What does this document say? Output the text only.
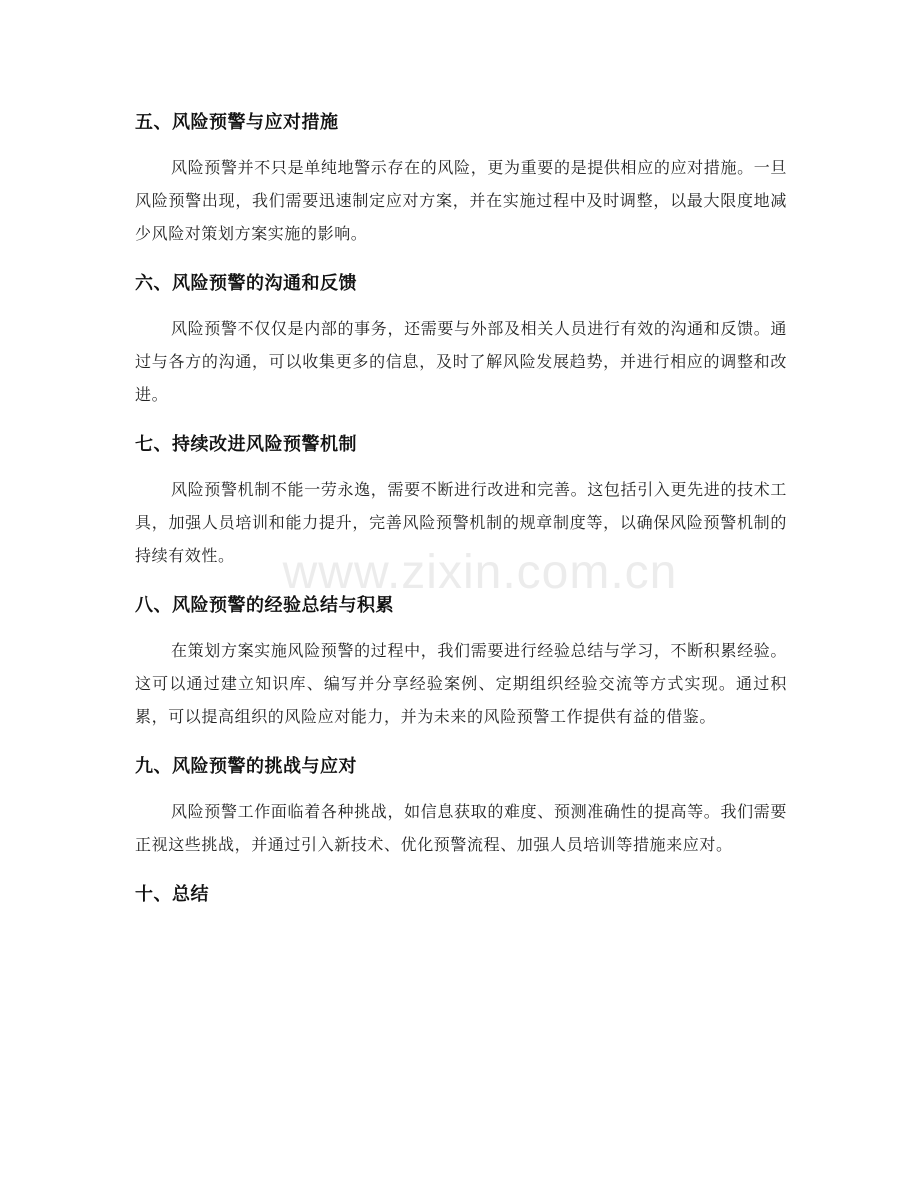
五、风险预警与应对措施

风险预警并不只是单纯地警示存在的风险，更为重要的是提供相应的应对措施。一旦风险预警出现，我们需要迅速制定应对方案，并在实施过程中及时调整，以最大限度地减少风险对策划方案实施的影响。

六、风险预警的沟通和反馈

风险预警不仅仅是内部的事务，还需要与外部及相关人员进行有效的沟通和反馈。通过与各方的沟通，可以收集更多的信息，及时了解风险发展趋势，并进行相应的调整和改进。

七、持续改进风险预警机制

风险预警机制不能一劳永逸，需要不断进行改进和完善。这包括引入更先进的技术工具，加强人员培训和能力提升，完善风险预警机制的规章制度等，以确保风险预警机制的持续有效性。

八、风险预警的经验总结与积累

在策划方案实施风险预警的过程中，我们需要进行经验总结与学习，不断积累经验。这可以通过建立知识库、编写并分享经验案例、定期组织经验交流等方式实现。通过积累，可以提高组织的风险应对能力，并为未来的风险预警工作提供有益的借鉴。

九、风险预警的挑战与应对

风险预警工作面临着各种挑战，如信息获取的难度、预测准确性的提高等。我们需要正视这些挑战，并通过引入新技术、优化预警流程、加强人员培训等措施来应对。

十、总结
www.zixin.com.cn
